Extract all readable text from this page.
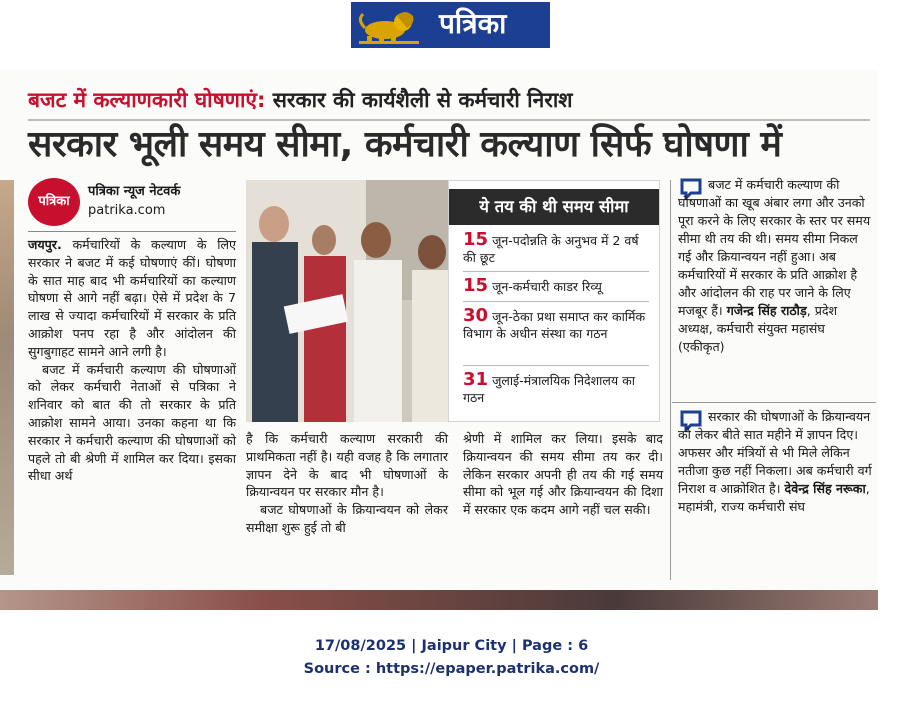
पत्रिका
बजट में कल्याणकारी घोषणाएं: सरकार की कार्यशैली से कर्मचारी निराश
सरकार भूली समय सीमा, कर्मचारी कल्याण सिर्फ घोषणा में
पत्रिका
पत्रिका न्यूज नेटवर्क
patrika.com

जयपुर. कर्मचारियों के कल्याण के लिए सरकार ने बजट में कई घोषणाएं कीं। घोषणा के सात माह बाद भी कर्मचारियों का कल्याण घोषणा से आगे नहीं बढ़ा। ऐसे में प्रदेश के 7 लाख से ज्यादा कर्मचारियों में सरकार के प्रति आक्रोश पनप रहा है और आंदोलन की सुगबुगाहट सामने आने लगी है।

बजट में कर्मचारी कल्याण की घोषणाओं को लेकर कर्मचारी नेताओं से पत्रिका ने शनिवार को बात की तो सरकार के प्रति आक्रोश सामने आया। उनका कहना था कि सरकार ने कर्मचारी कल्याण की घोषणाओं को पहले तो बी श्रेणी में शामिल कर दिया। इसका सीधा अर्थ

ये तय की थी समय सीमा
15 जून-पदोन्नति के अनुभव में 2 वर्ष की छूट
15 जून-कर्मचारी काडर रिव्यू
30 जून-ठेका प्रथा समाप्त कर कार्मिक विभाग के अधीन संस्था का गठन
31 जुलाई-मंत्रालयिक निदेशालय का गठन

है कि कर्मचारी कल्याण सरकारी की प्राथमिकता नहीं है। यही वजह है कि लगातार ज्ञापन देने के बाद भी घोषणाओं के क्रियान्वयन पर सरकार मौन है।

बजट घोषणाओं के क्रियान्वयन को लेकर समीक्षा शुरू हुई तो बी

श्रेणी में शामिल कर लिया। इसके बाद क्रियान्वयन की समय सीमा तय कर दी। लेकिन सरकार अपनी ही तय की गई समय सीमा को भूल गई और क्रियान्वयन की दिशा में सरकार एक कदम आगे नहीं चल सकी।

बजट में कर्मचारी कल्याण की घोषणाओं का खूब अंबार लगा और उनको पूरा करने के लिए सरकार के स्तर पर समय सीमा थी तय की थी। समय सीमा निकल गई और क्रियान्वयन नहीं हुआ। अब कर्मचारियों में सरकार के प्रति आक्रोश है और आंदोलन की राह पर जाने के लिए मजबूर हैं। गजेन्द्र सिंह राठौड़, प्रदेश अध्यक्ष, कर्मचारी संयुक्त महासंघ (एकीकृत)
सरकार की घोषणाओं के क्रियान्वयन को लेकर बीते सात महीने में ज्ञापन दिए। अफसर और मंत्रियों से भी मिले लेकिन नतीजा कुछ नहीं निकला। अब कर्मचारी वर्ग निराश व आक्रोशित है। देवेन्द्र सिंह नरूका, महामंत्री, राज्य कर्मचारी संघ
17/08/2025 | Jaipur City | Page : 6
Source : https://epaper.patrika.com/
